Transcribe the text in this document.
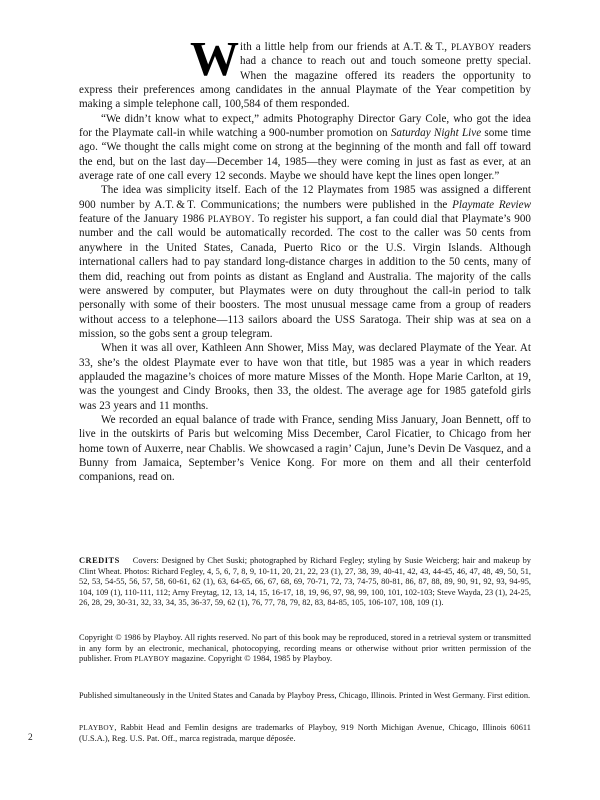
With a little help from our friends at A.T. & T., PLAYBOY readers had a chance to reach out and touch someone pretty special. When the magazine offered its readers the opportunity to express their preferences among candidates in the annual Playmate of the Year competition by making a simple telephone call, 100,584 of them responded.

“We didn’t know what to expect,” admits Photography Director Gary Cole, who got the idea for the Playmate call-in while watching a 900-number promotion on Saturday Night Live some time ago. “We thought the calls might come on strong at the beginning of the month and fall off toward the end, but on the last day—December 14, 1985—they were coming in just as fast as ever, at an average rate of one call every 12 seconds. Maybe we should have kept the lines open longer.”

The idea was simplicity itself. Each of the 12 Playmates from 1985 was assigned a different 900 number by A.T. & T. Communications; the numbers were published in the Playmate Review feature of the January 1986 PLAYBOY. To register his support, a fan could dial that Playmate’s 900 number and the call would be automatically recorded. The cost to the caller was 50 cents from anywhere in the United States, Canada, Puerto Rico or the U.S. Virgin Islands. Although international callers had to pay standard long-distance charges in addition to the 50 cents, many of them did, reaching out from points as distant as England and Australia. The majority of the calls were answered by computer, but Playmates were on duty throughout the call-in period to talk personally with some of their boosters. The most unusual message came from a group of readers without access to a telephone—113 sailors aboard the USS Saratoga. Their ship was at sea on a mission, so the gobs sent a group telegram.

When it was all over, Kathleen Ann Shower, Miss May, was declared Playmate of the Year. At 33, she’s the oldest Playmate ever to have won that title, but 1985 was a year in which readers applauded the magazine’s choices of more mature Misses of the Month. Hope Marie Carlton, at 19, was the youngest and Cindy Brooks, then 33, the oldest. The average age for 1985 gatefold girls was 23 years and 11 months.

We recorded an equal balance of trade with France, sending Miss January, Joan Bennett, off to live in the outskirts of Paris but welcoming Miss December, Carol Ficatier, to Chicago from her home town of Auxerre, near Chablis. We showcased a ragin’ Cajun, June’s Devin De Vasquez, and a Bunny from Jamaica, September’s Venice Kong. For more on them and all their centerfold companions, read on.

CREDITS Covers: Designed by Chet Suski; photographed by Richard Fegley; styling by Susie Weicberg; hair and makeup by Clint Wheat. Photos: Richard Fegley, 4, 5, 6, 7, 8, 9, 10-11, 20, 21, 22, 23 (1), 27, 38, 39, 40-41, 42, 43, 44-45, 46, 47, 48, 49, 50, 51, 52, 53, 54-55, 56, 57, 58, 60-61, 62 (1), 63, 64-65, 66, 67, 68, 69, 70-71, 72, 73, 74-75, 80-81, 86, 87, 88, 89, 90, 91, 92, 93, 94-95, 104, 109 (1), 110-111, 112; Arny Freytag, 12, 13, 14, 15, 16-17, 18, 19, 96, 97, 98, 99, 100, 101, 102-103; Steve Wayda, 23 (1), 24-25, 26, 28, 29, 30-31, 32, 33, 34, 35, 36-37, 59, 62 (1), 76, 77, 78, 79, 82, 83, 84-85, 105, 106-107, 108, 109 (1).

Copyright © 1986 by Playboy. All rights reserved. No part of this book may be reproduced, stored in a retrieval system or transmitted in any form by an electronic, mechanical, photocopying, recording means or otherwise without prior written permission of the publisher. From PLAYBOY magazine. Copyright © 1984, 1985 by Playboy.

Published simultaneously in the United States and Canada by Playboy Press, Chicago, Illinois. Printed in West Germany. First edition.

PLAYBOY, Rabbit Head and Femlin designs are trademarks of Playboy, 919 North Michigan Avenue, Chicago, Illinois 60611 (U.S.A.), Reg. U.S. Pat. Off., marca registrada, marque déposée.

2
